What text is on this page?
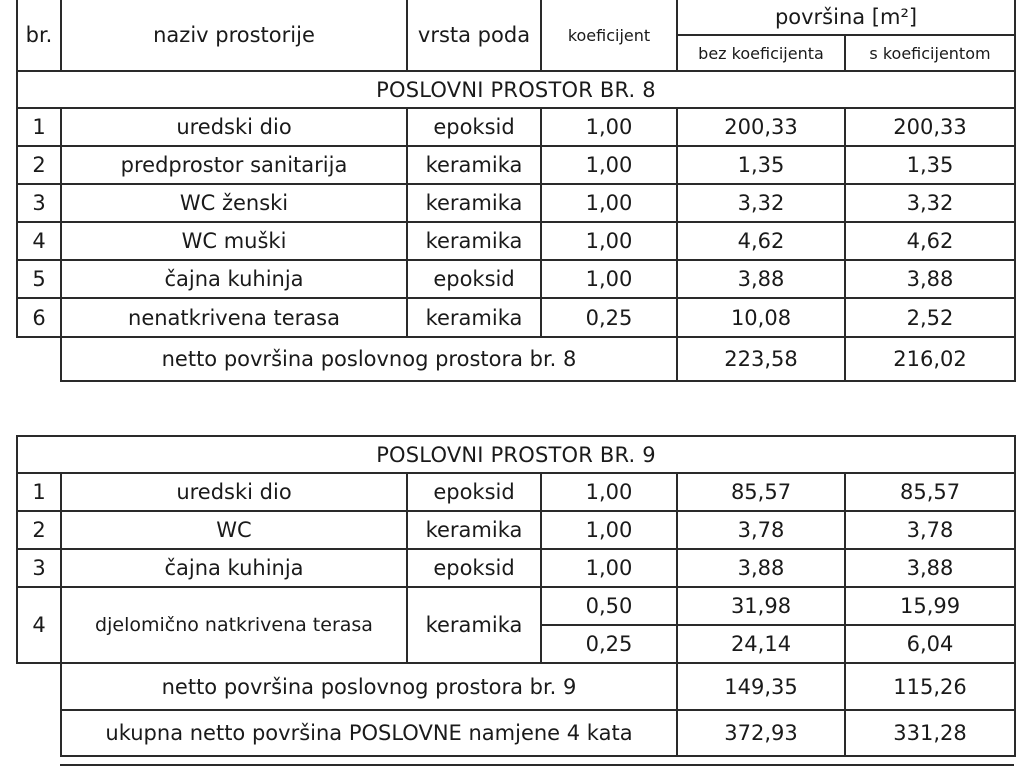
br.	naziv prostorije	vrsta poda	koeficijent	površina [m²]	
				bez koeficijenta	s koeficijentom
POSLOVNI PROSTOR BR. 8					
1	uredski dio	epoksid	1,00	200,33	200,33
2	predprostor sanitarija	keramika	1,00	1,35	1,35
3	WC ženski	keramika	1,00	3,32	3,32
4	WC muški	keramika	1,00	4,62	4,62
5	čajna kuhinja	epoksid	1,00	3,88	3,88
6	nenatkrivena terasa	keramika	0,25	10,08	2,52
	netto površina poslovnog prostora br. 8			223,58	216,02
POSLOVNI PROSTOR BR. 9					
1	uredski dio	epoksid	1,00	85,57	85,57
2	WC	keramika	1,00	3,78	3,78
3	čajna kuhinja	epoksid	1,00	3,88	3,88
4	djelomično natkrivena terasa	keramika	0,50	31,98	15,99
			0,25	24,14	6,04
	netto površina poslovnog prostora br. 9			149,35	115,26
	ukupna netto površina POSLOVNE namjene 4 kata			372,93	331,28
